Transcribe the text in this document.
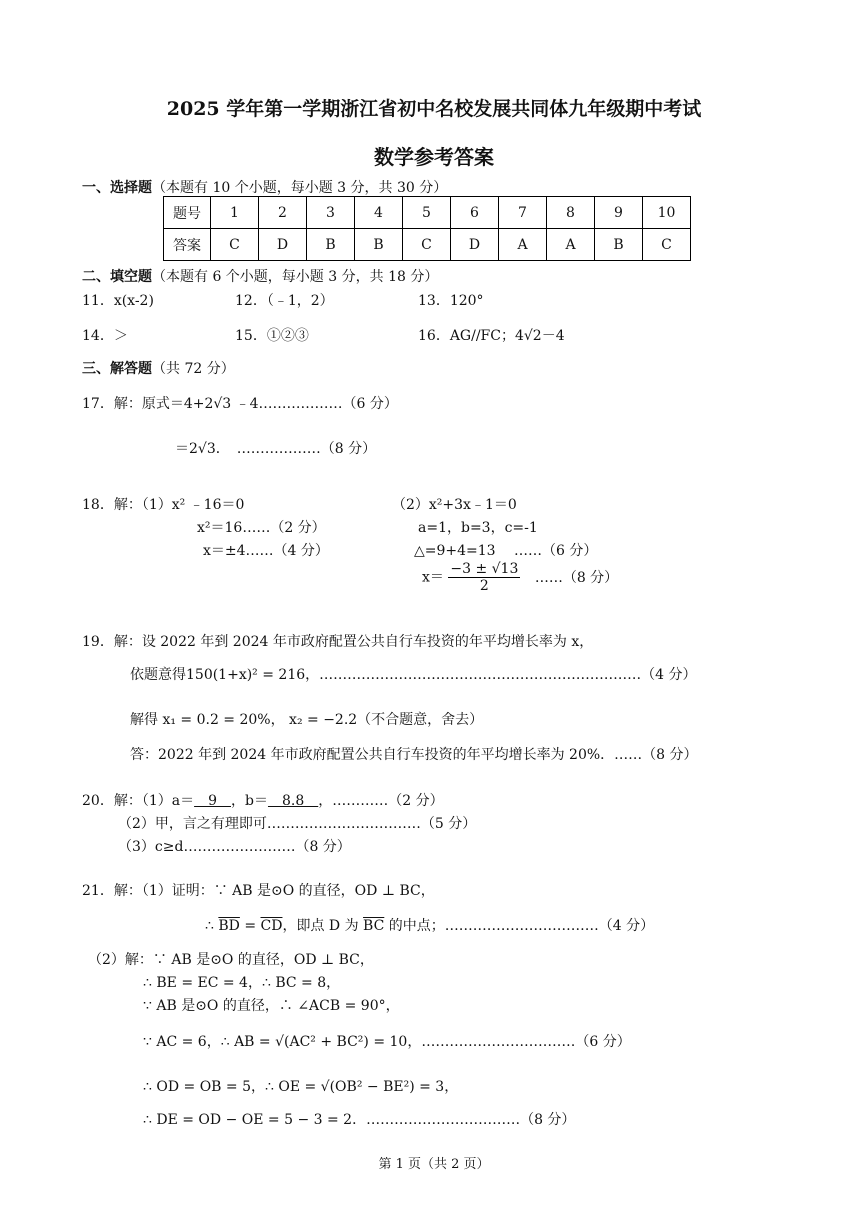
2025 学年第一学期浙江省初中名校发展共同体九年级期中考试
数学参考答案
一、选择题（本题有 10 个小题，每小题 3 分，共 30 分）
题号	1	2	3	4	5	6	7	8	9	10
答案	C	D	B	B	C	D	A	A	B	C
二、填空题（本题有 6 个小题，每小题 3 分，共 18 分）
11．x(x-2)	12．（﹣1，2）	13．120°
14．＞	15．①②③	16．AG//FC；4√2－4
三、解答题（共 72 分）
17．解：原式＝4+2√3 ﹣4………………（6 分）
＝2√3．　………………（8 分）
18．解：（1）x² ﹣16＝0
x²＝16……（2 分）
x＝±4……（4 分）
（2）x²+3x﹣1＝0
a=1，b=3，c=-1
△=9+4=13　 ……（6 分）
$x= \frac{-3 \pm √13}{2}$ ……（8 分）
19．解：设 2022 年到 2024 年市政府配置公共自行车投资的年平均增长率为 x，
依题意得150(1+x)² = 216，……………………………………………………………（4 分）
解得 x₁ = 0.2 = 20%， x₂ = −2.2（不合题意，舍去）
答：2022 年到 2024 年市政府配置公共自行车投资的年平均增长率为 20%．……（8 分）
20．解：（1）a＝　9　，b＝　8.8　，…………（2 分）
（2）甲，言之有理即可……………………………（5 分）
（3）c≥d……………………（8 分）
21．解：（1）证明：∵ AB 是⊙O 的直径，OD ⊥ BC，
∴ $\overline{BD} = \overline{CD}$，即点 D 为 $\overline{BC}$ 的中点；……………………………（4 分）
（2）解：∵ AB 是⊙O 的直径，OD ⊥ BC，
∴ BE = EC = 4，∴ BC = 8，
∵ AB 是⊙O 的直径，∴ ∠ACB = 90°，
∵ AC = 6，∴ AB = √(AC² + BC²) = 10，……………………………（6 分）
∴ OD = OB = 5，∴ OE = √(OB² − BE²) = 3，
∴ DE = OD − OE = 5 − 3 = 2．……………………………（8 分）
第 1 页（共 2 页）
